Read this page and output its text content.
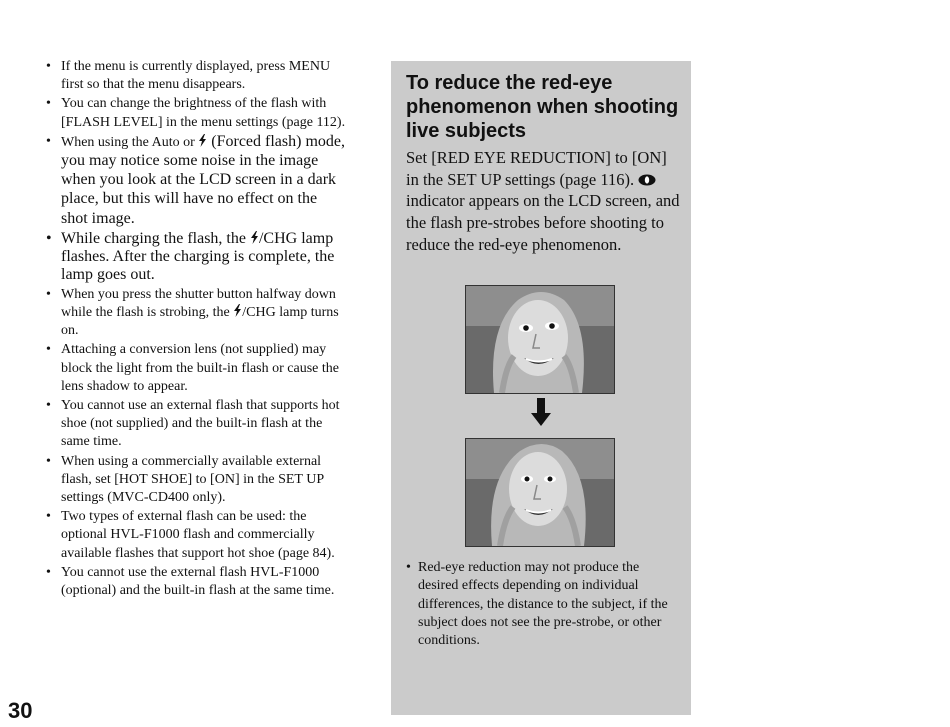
• If the menu is currently displayed, press MENU first so that the menu disappears.
• You can change the brightness of the flash with [FLASH LEVEL] in the menu settings (page 112).
• When using the Auto or  (Forced flash) mode, you may notice some noise in the image when you look at the LCD screen in a dark place, but this will have no effect on the shot image.
• While charging the flash, the /CHG lamp flashes. After the charging is complete, the lamp goes out.
• When you press the shutter button halfway down while the flash is strobing, the /CHG lamp turns on.
• Attaching a conversion lens (not supplied) may block the light from the built-in flash or cause the lens shadow to appear.
• You cannot use an external flash that supports hot shoe (not supplied) and the built-in flash at the same time.
• When using a commercially available external flash, set [HOT SHOE] to [ON] in the SET UP settings (MVC-CD400 only).
• Two types of external flash can be used: the optional HVL-F1000 flash and commercially available flashes that support hot shoe (page 84).
• You cannot use the external flash HVL-F1000 (optional) and the built-in flash at the same time.
To reduce the red-eye phenomenon when shooting live subjects

Set [RED EYE REDUCTION] to [ON] in the SET UP settings (page 116).  indicator appears on the LCD screen, and the flash pre-strobes before shooting to reduce the red-eye phenomenon.

• Red-eye reduction may not produce the desired effects depending on individual differences, the distance to the subject, if the subject does not see the pre-strobe, or other conditions.
30
